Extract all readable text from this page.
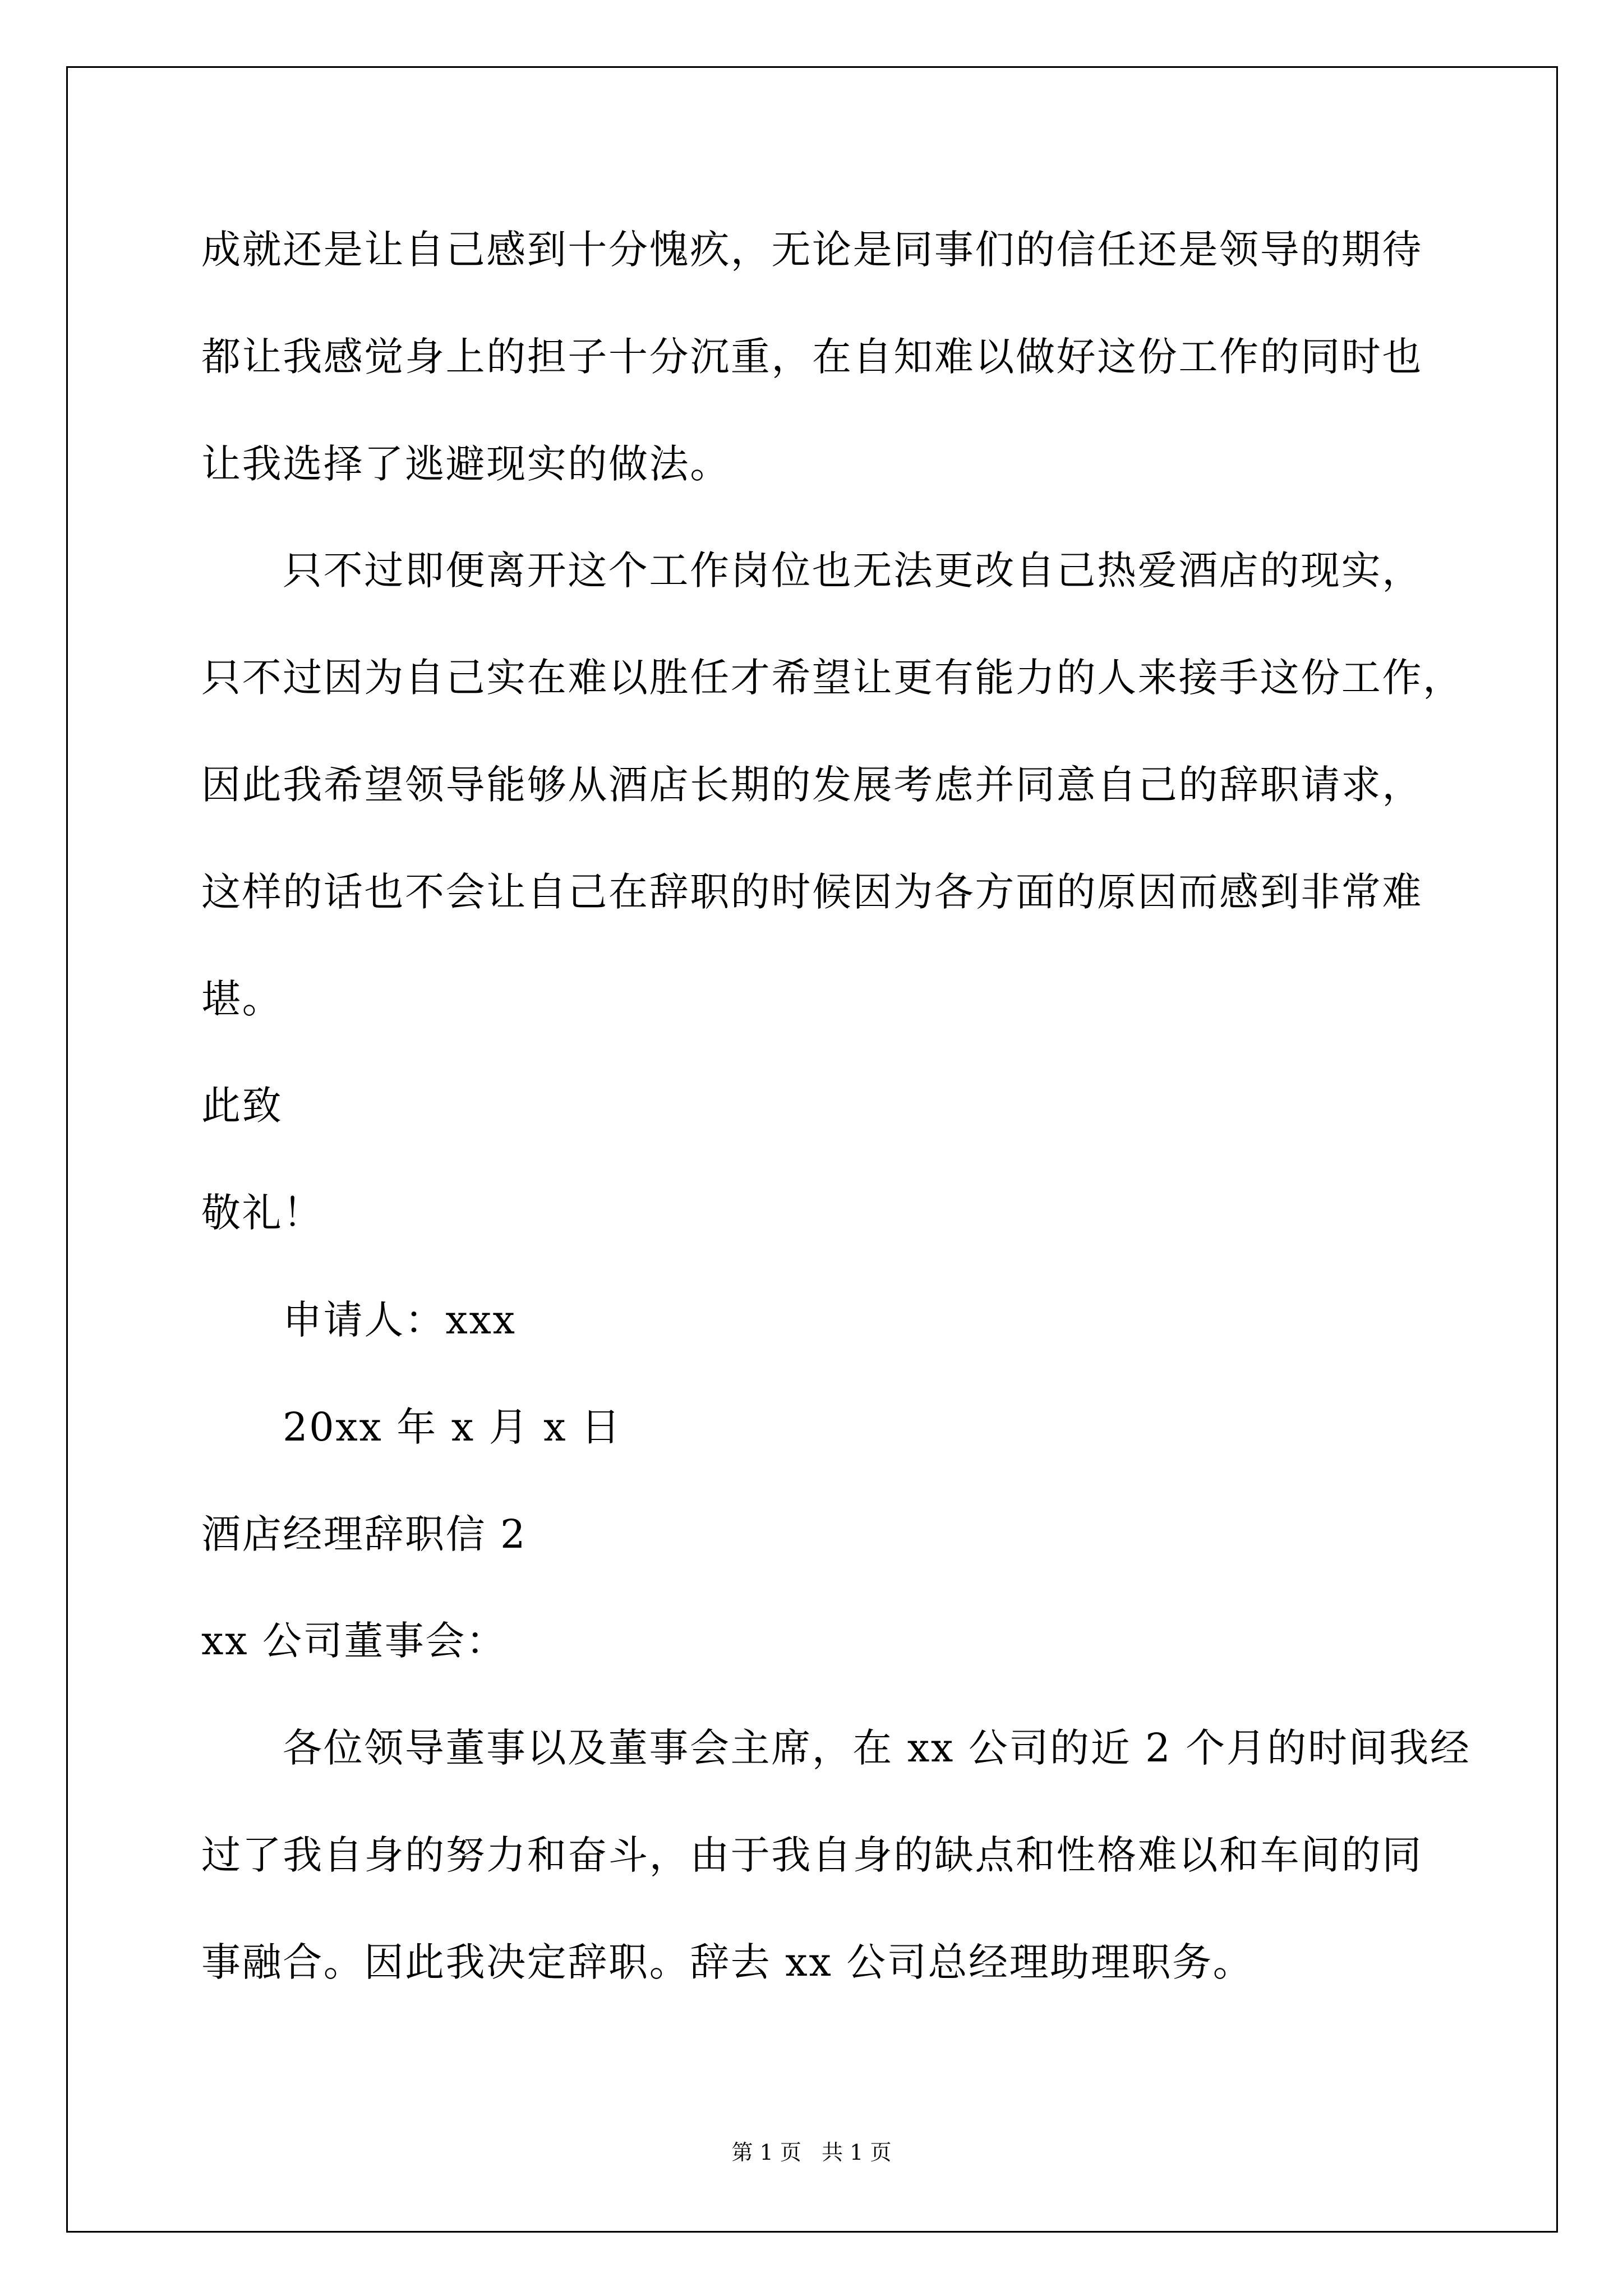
成就还是让自己感到十分愧疚，无论是同事们的信任还是领导的期待
都让我感觉身上的担子十分沉重，在自知难以做好这份工作的同时也
让我选择了逃避现实的做法。
只不过即便离开这个工作岗位也无法更改自己热爱酒店的现实，
只不过因为自己实在难以胜任才希望让更有能力的人来接手这份工作，
因此我希望领导能够从酒店长期的发展考虑并同意自己的辞职请求，
这样的话也不会让自己在辞职的时候因为各方面的原因而感到非常难
堪。
此致
敬礼！
申请人：xxx
20xx 年 x 月 x 日
酒店经理辞职信 2
xx 公司董事会：
各位领导董事以及董事会主席，在 xx 公司的近 2 个月的时间我经
过了我自身的努力和奋斗，由于我自身的缺点和性格难以和车间的同
事融合。因此我决定辞职。辞去 xx 公司总经理助理职务。
第 1 页   共 1 页
